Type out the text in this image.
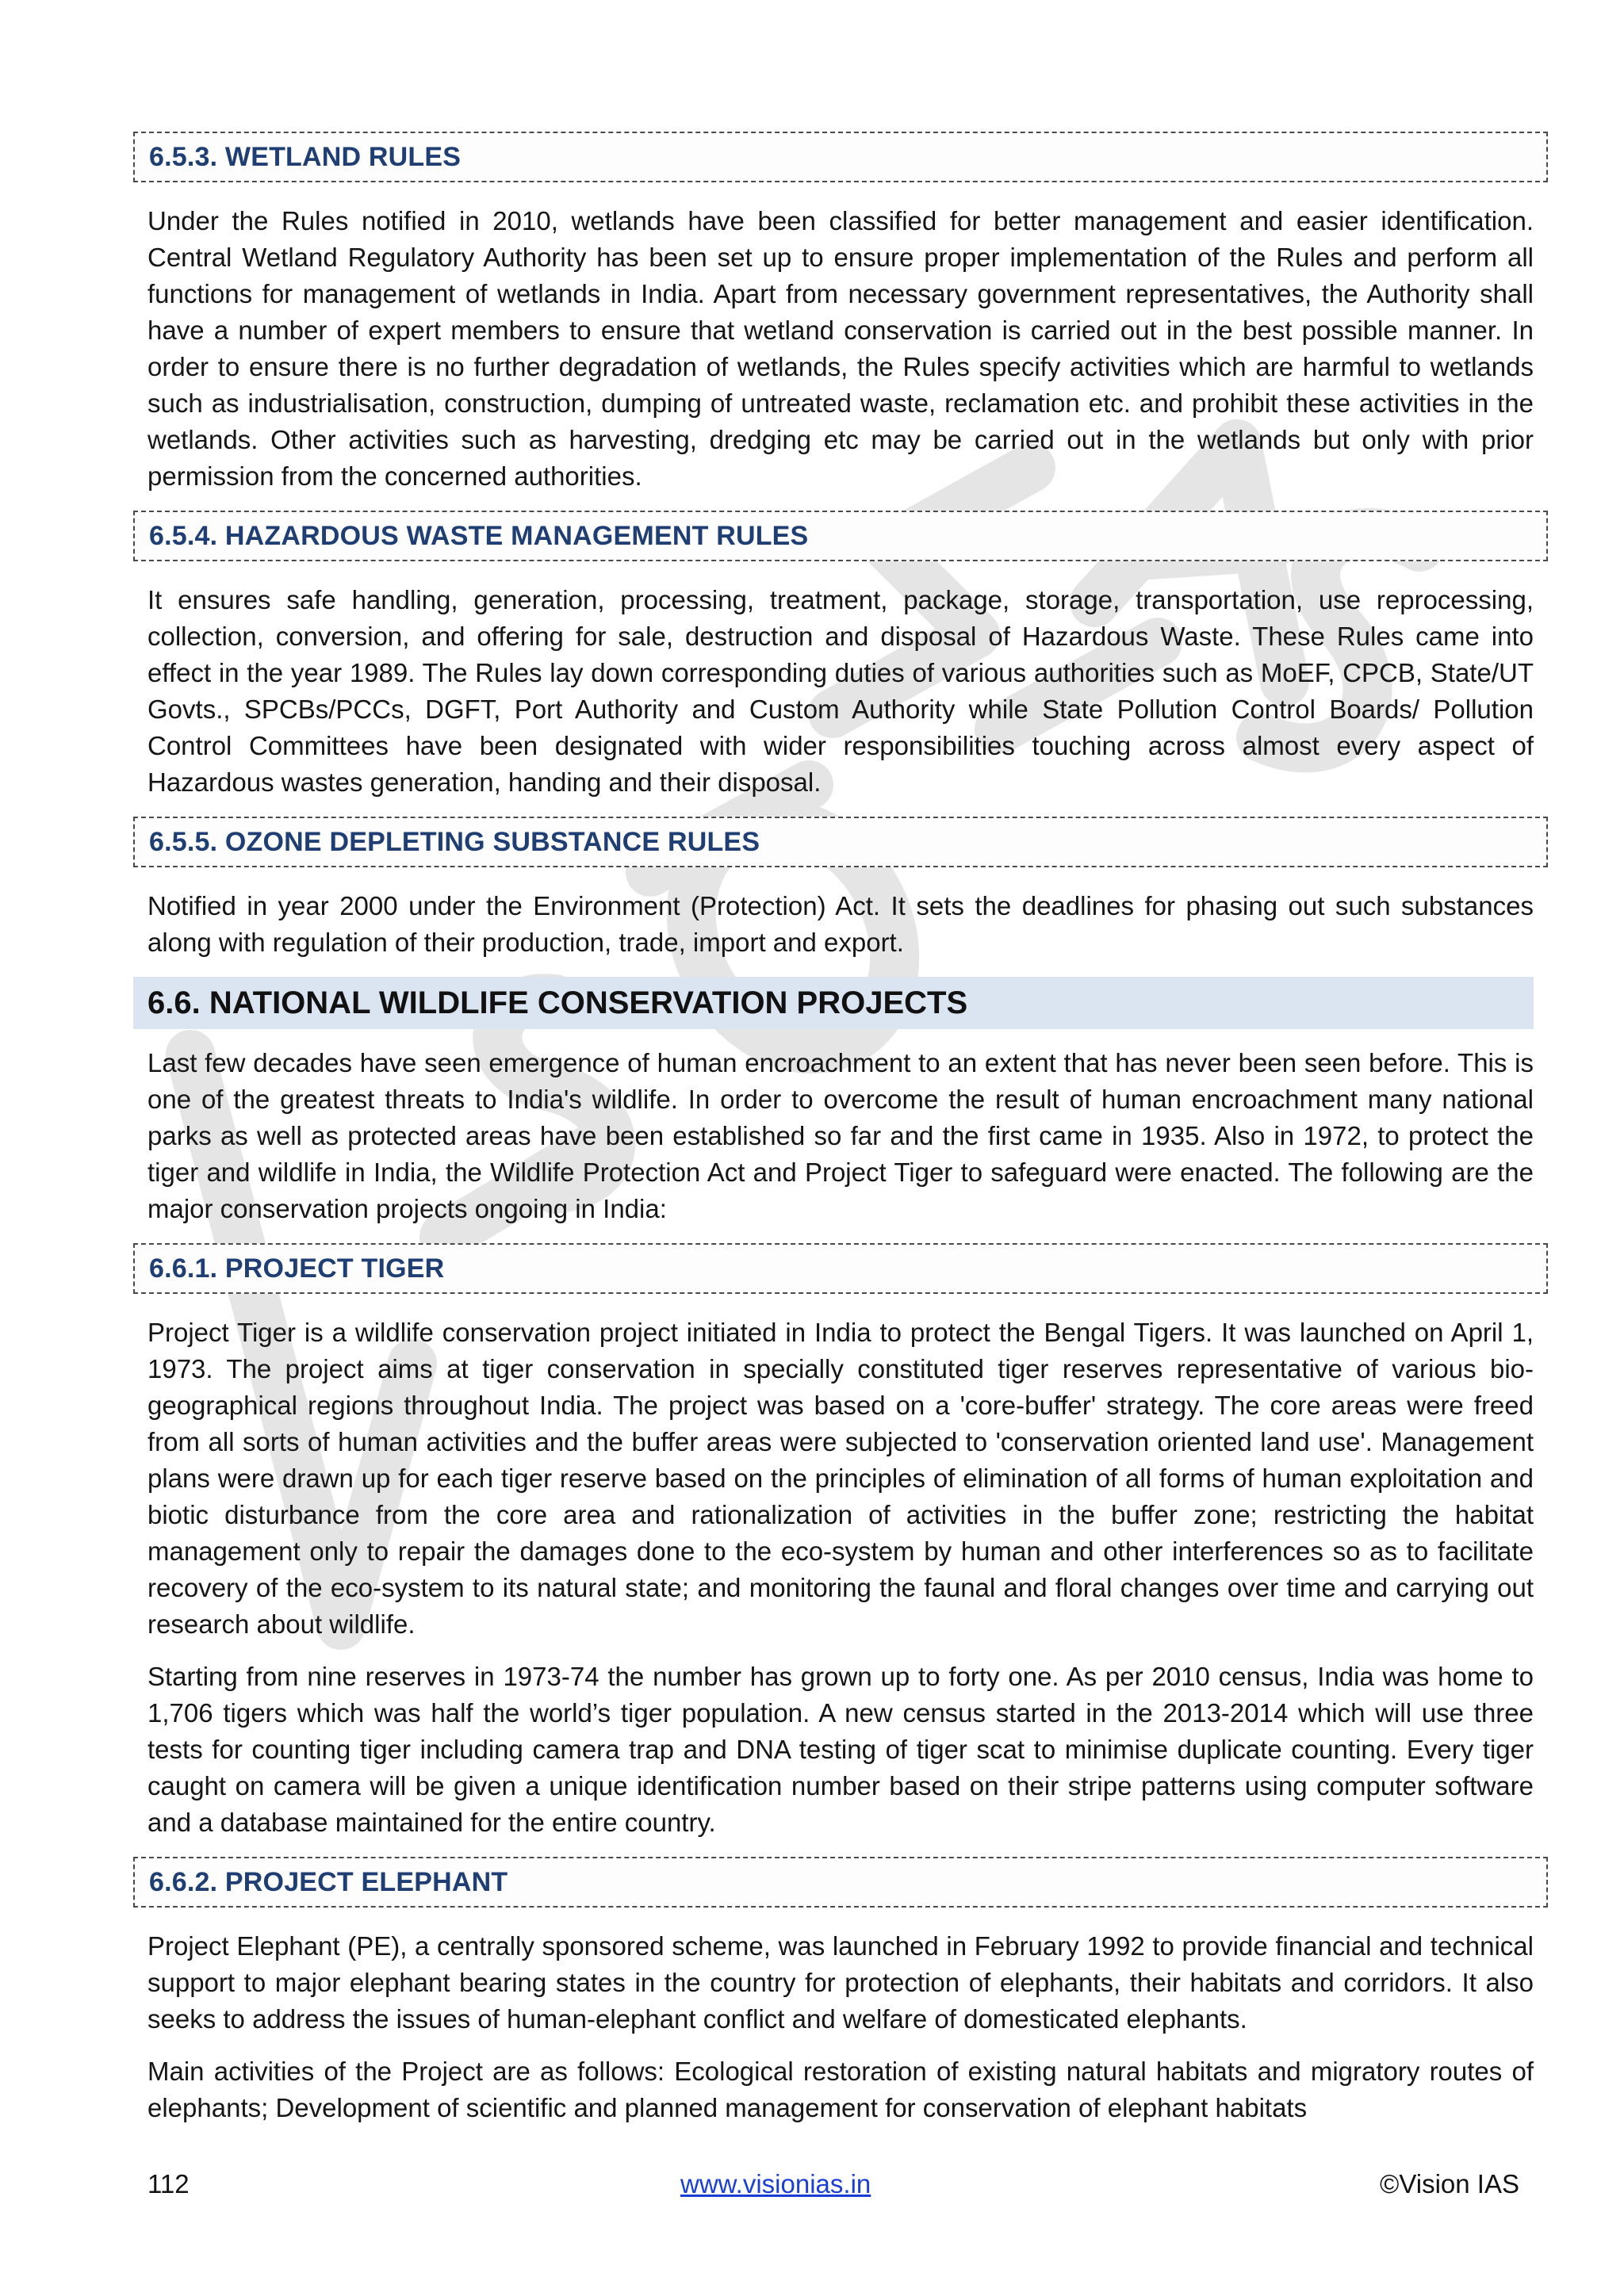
6.5.3. WETLAND RULES

Under the Rules notified in 2010, wetlands have been classified for better management and easier identification. Central Wetland Regulatory Authority has been set up to ensure proper implementation of the Rules and perform all functions for management of wetlands in India. Apart from necessary government representatives, the Authority shall have a number of expert members to ensure that wetland conservation is carried out in the best possible manner. In order to ensure there is no further degradation of wetlands, the Rules specify activities which are harmful to wetlands such as industrialisation, construction, dumping of untreated waste, reclamation etc. and prohibit these activities in the wetlands. Other activities such as harvesting, dredging etc may be carried out in the wetlands but only with prior permission from the concerned authorities.

6.5.4. HAZARDOUS WASTE MANAGEMENT RULES

It ensures safe handling, generation, processing, treatment, package, storage, transportation, use reprocessing, collection, conversion, and offering for sale, destruction and disposal of Hazardous Waste. These Rules came into effect in the year 1989. The Rules lay down corresponding duties of various authorities such as MoEF, CPCB, State/UT Govts., SPCBs/PCCs, DGFT, Port Authority and Custom Authority while State Pollution Control Boards/ Pollution Control Committees have been designated with wider responsibilities touching across almost every aspect of Hazardous wastes generation, handing and their disposal.

6.5.5. OZONE DEPLETING SUBSTANCE RULES

Notified in year 2000 under the Environment (Protection) Act. It sets the deadlines for phasing out such substances along with regulation of their production, trade, import and export.

6.6. NATIONAL WILDLIFE CONSERVATION PROJECTS

Last few decades have seen emergence of human encroachment to an extent that has never been seen before. This is one of the greatest threats to India's wildlife. In order to overcome the result of human encroachment many national parks as well as protected areas have been established so far and the first came in 1935. Also in 1972, to protect the tiger and wildlife in India, the Wildlife Protection Act and Project Tiger to safeguard were enacted. The following are the major conservation projects ongoing in India:

6.6.1. PROJECT TIGER

Project Tiger is a wildlife conservation project initiated in India to protect the Bengal Tigers. It was launched on April 1, 1973. The project aims at tiger conservation in specially constituted tiger reserves representative of various bio-geographical regions throughout India. The project was based on a 'core-buffer' strategy. The core areas were freed from all sorts of human activities and the buffer areas were subjected to 'conservation oriented land use'. Management plans were drawn up for each tiger reserve based on the principles of elimination of all forms of human exploitation and biotic disturbance from the core area and rationalization of activities in the buffer zone; restricting the habitat management only to repair the damages done to the eco-system by human and other interferences so as to facilitate recovery of the eco-system to its natural state; and monitoring the faunal and floral changes over time and carrying out research about wildlife.

Starting from nine reserves in 1973-74 the number has grown up to forty one. As per 2010 census, India was home to 1,706 tigers which was half the world’s tiger population. A new census started in the 2013-2014 which will use three tests for counting tiger including camera trap and DNA testing of tiger scat to minimise duplicate counting. Every tiger caught on camera will be given a unique identification number based on their stripe patterns using computer software and a database maintained for the entire country.

6.6.2. PROJECT ELEPHANT

Project Elephant (PE), a centrally sponsored scheme, was launched in February 1992 to provide financial and technical support to major elephant bearing states in the country for protection of elephants, their habitats and corridors. It also seeks to address the issues of human-elephant conflict and welfare of domesticated elephants.

Main activities of the Project are as follows: Ecological restoration of existing natural habitats and migratory routes of elephants; Development of scientific and planned management for conservation of elephant habitats

112	www.visionias.in	©Vision IAS
